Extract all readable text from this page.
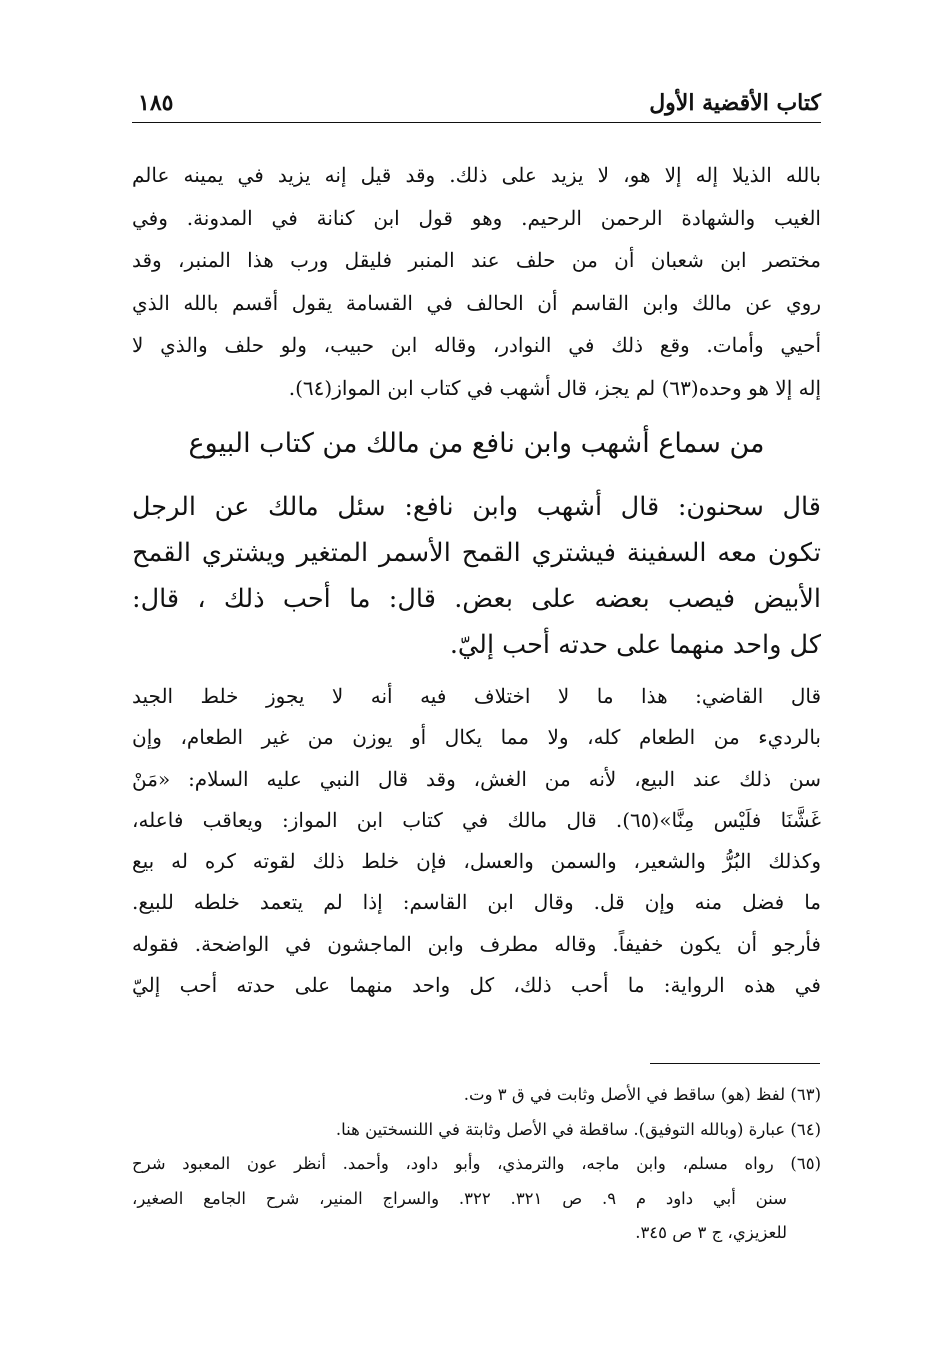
كتاب الأقضية الأول
١٨٥
بالله الذيلا إله إلا هو، لا يزيد على ذلك. وقد قيل إنه يزيد في يمينه عالم
الغيب والشهادة الرحمن الرحيم. وهو قول ابن كنانة في المدونة. وفي
مختصر ابن شعبان أن من حلف عند المنبر فليقل ورب هذا المنبر، وقد
روي عن مالك وابن القاسم أن الحالف في القسامة يقول أقسم بالله الذي
أحيي وأمات. وقع ذلك في النوادر، وقاله ابن حبيب، ولو حلف والذي لا
إله إلا هو وحده(٦٣) لم يجز، قال أشهب في كتاب ابن المواز(٦٤).
من سماع أشهب وابن نافع من مالك من كتاب البيوع
قال سحنون: قال أشهب وابن نافع: سئل مالك عن الرجل
تكون معه السفينة فيشتري القمح الأسمر المتغير ويشتري القمح
الأبيض فيصب بعضه على بعض. قال: ما أحب ذلك ، قال:
كل واحد منهما على حدته أحب إليّ.
قال القاضي: هذا ما لا اختلاف فيه أنه لا يجوز خلط الجيد
بالرديء من الطعام كله، ولا مما يكال أو يوزن من غير الطعام، وإن
سن ذلك عند البيع، لأنه من الغش، وقد قال النبي عليه السلام: «مَنْ
غَشَّنَا فلَيْس مِنَّا»(٦٥). قال مالك في كتاب ابن المواز: ويعاقب فاعله،
وكذلك البُرُّ والشعير، والسمن والعسل، فإن خلط ذلك لقوته كره له بيع
ما فضل منه وإن قل. وقال ابن القاسم: إذا لم يتعمد خلطه للبيع.
فأرجو أن يكون خفيفاً. وقاله مطرف وابن الماجشون في الواضحة. فقوله
في هذه الرواية: ما أحب ذلك، كل واحد منهما على حدته أحب إليّ
(٦٣) لفظ (هو) ساقط في الأصل وثابت في ق ٣ وت.
(٦٤) عبارة (وبالله التوفيق). ساقطة في الأصل وثابتة في اللنسختين هنا.
(٦٥) رواه مسلم، وابن ماجه، والترمذي، وأبو داود، وأحمد. أنظر عون المعبود شرح
سنن أبي داود م ٩. ص ٣٢١. ٣٢٢. والسراج المنير، شرح الجامع الصغير،
للعزيزي، ج ٣ ص ٣٤٥.
